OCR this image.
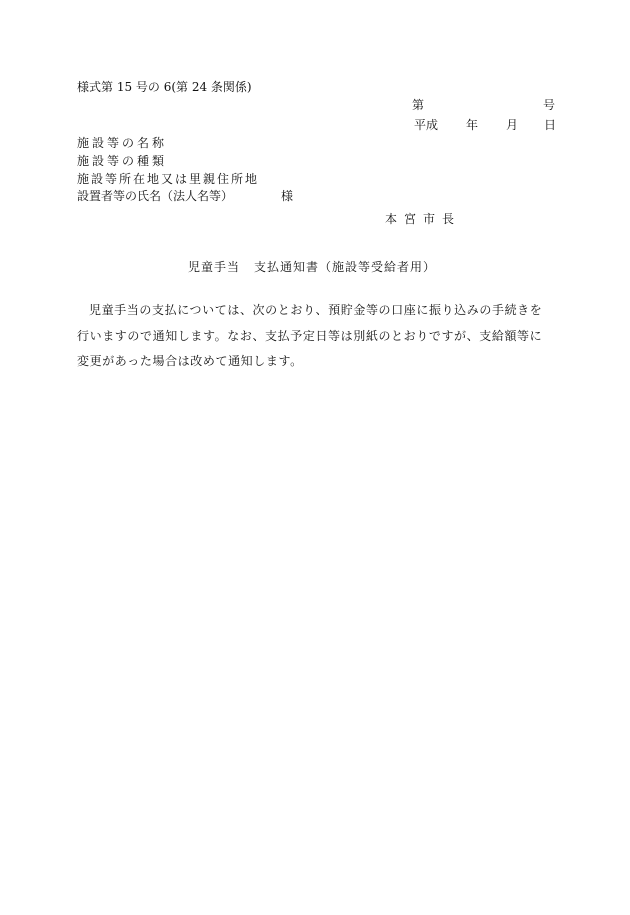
様式第 15 号の 6(第 24 条関係)
第	号
平成 年 月 日
施設等の名称
施設等の種類
施設等所在地又は里親住所地
設置者等の氏名（法人名等）	様
本宮市長
児童手当 支払通知書（施設等受給者用）
児童手当の支払については、次のとおり、預貯金等の口座に振り込みの手続きを
行いますので通知します。なお、支払予定日等は別紙のとおりですが、支給額等に
変更があった場合は改めて通知します。
